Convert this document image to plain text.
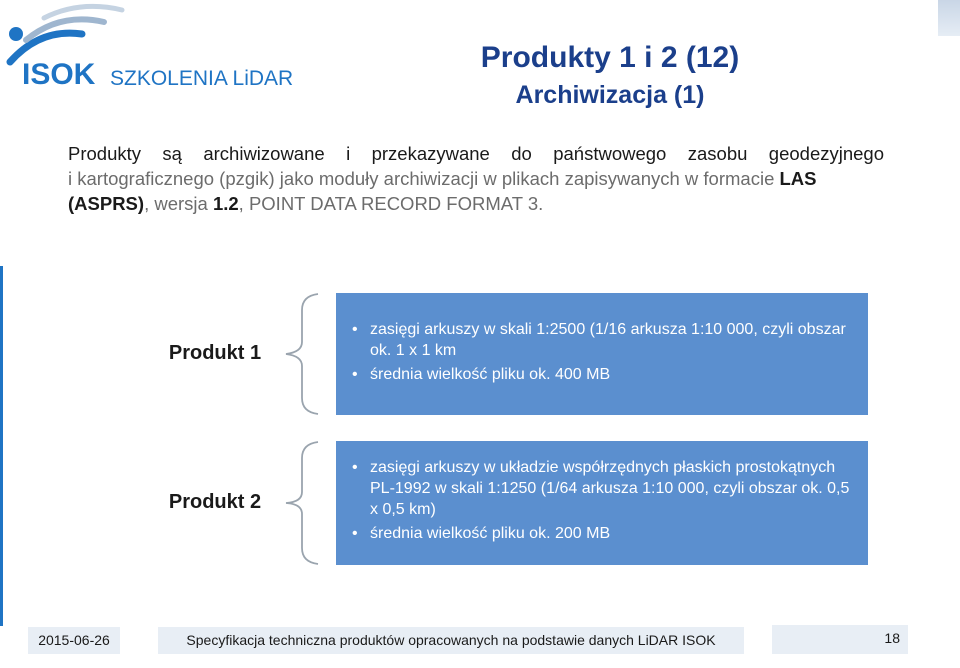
ISOK SZKOLENIA LiDAR
Produkty 1 i 2 (12)
Archiwizacja (1)
Produkty są archiwizowane i przekazywane do państwowego zasobu geodezyjnego
i kartograficznego (pzgik) jako moduły archiwizacji w plikach zapisywanych w formacie LAS
(ASPRS), wersja 1.2, POINT DATA RECORD FORMAT 3.
Produkt 1
• zasięgi arkuszy w skali 1:2500 (1/16 arkusza 1:10 000, czyli obszar ok. 1 x 1 km
• średnia wielkość pliku ok. 400 MB
Produkt 2
• zasięgi arkuszy w układzie współrzędnych płaskich prostokątnych PL-1992 w skali 1:1250 (1/64 arkusza 1:10 000, czyli obszar ok. 0,5 x 0,5 km)
• średnia wielkość pliku ok. 200 MB
2015-06-26	Specyfikacja techniczna produktów opracowanych na podstawie danych LiDAR ISOK	18
